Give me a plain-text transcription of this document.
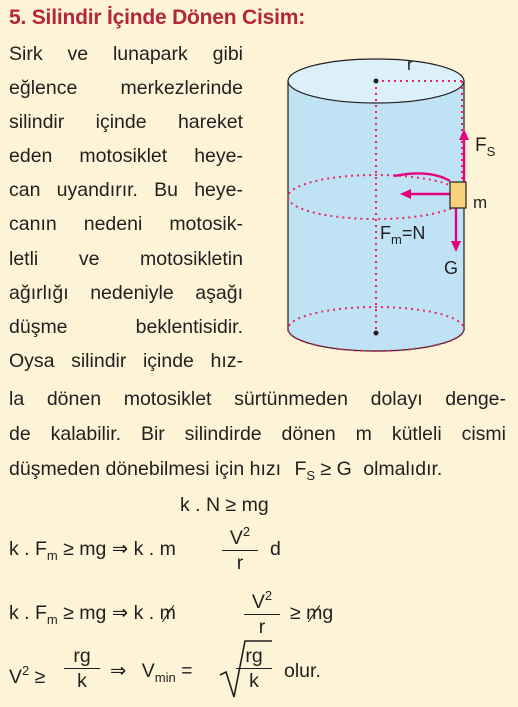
5. Silindir İçinde Dönen Cisim:
Sirk ve lunapark gibi
eğlence merkezlerinde
silindir içinde hareket
eden motosiklet heye-
can uyandırır. Bu heye-
canın nedeni motosik-
letli ve motosikletin
ağırlığı nedeniyle aşağı
düşme beklentisidir.
Oysa silindir içinde hız-
la dönen motosiklet sürtünmeden dolayı denge-
de kalabilir. Bir silindirde dönen m kütleli cismi
düşmeden dönebilmesi için hızı $F_S \ge G$ olmalıdır.
k . N ≥ mg
k . $F_m$ ≥ mg ⇒ k . m $\frac{V^2}{r}$ d
k . $F_m$ ≥ mg ⇒ k . m	$\frac{V^2}{r}$ ≥ mg
$V^2 \ge \frac{rg}{k}$ ⇒ $V_{min} = \frac{rg}{k}$ olur.
r
$F_S$
m
$F_m=N$
G
